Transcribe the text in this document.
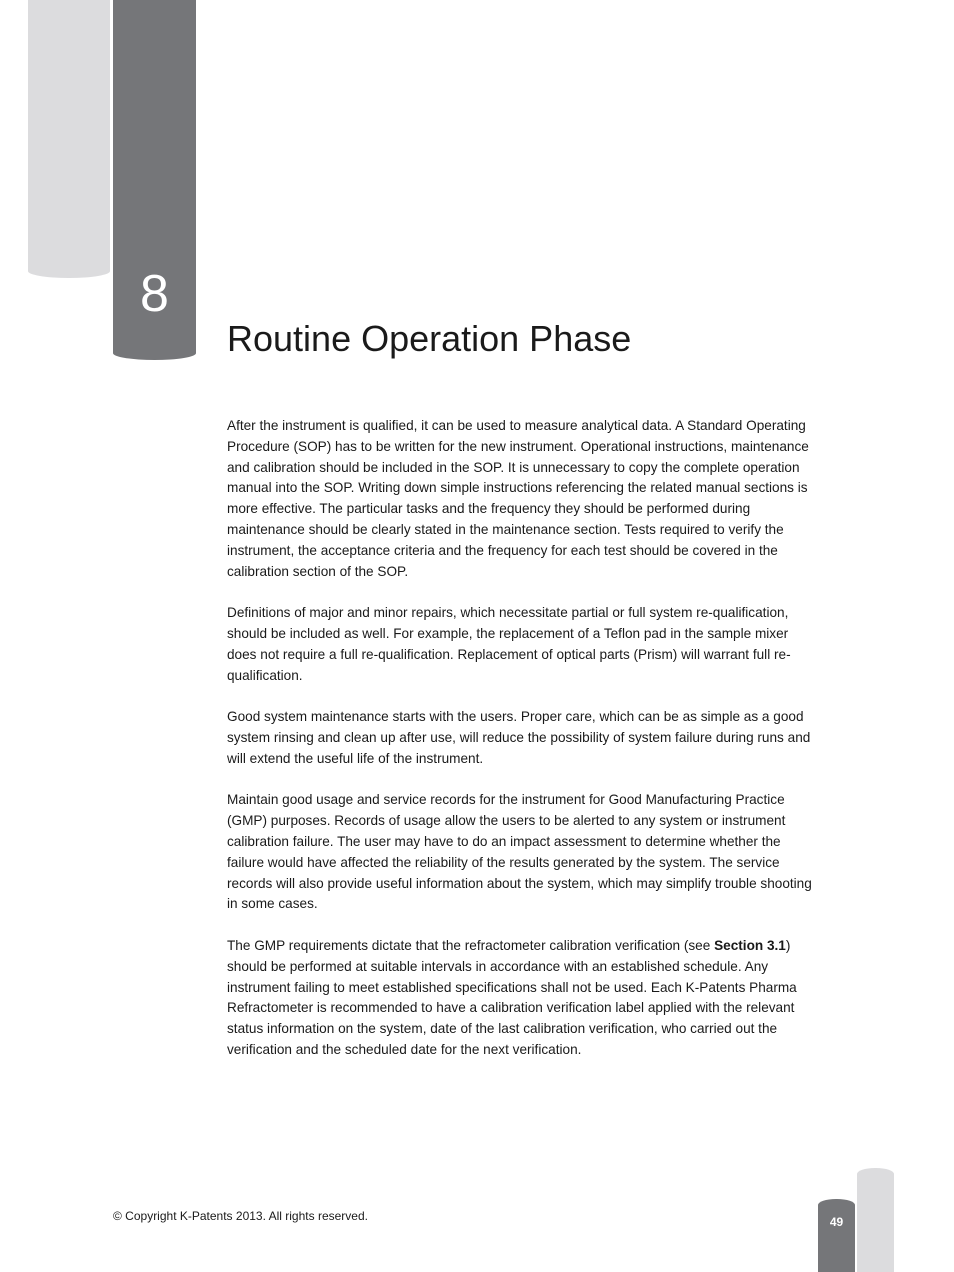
8
Routine Operation Phase

After the instrument is qualified, it can be used to measure analytical data. A Standard Operating Procedure (SOP) has to be written for the new instrument. Operational instructions, maintenance and calibration should be included in the SOP. It is unnecessary to copy the complete operation manual into the SOP. Writing down simple instructions referencing the related manual sections is more effective. The particular tasks and the frequency they should be performed during maintenance should be clearly stated in the maintenance section. Tests required to verify the instrument, the acceptance criteria and the frequency for each test should be covered in the calibration section of the SOP.

Definitions of major and minor repairs, which necessitate partial or full system re-qualification, should be included as well. For example, the replacement of a Teflon pad in the sample mixer does not require a full re-qualification. Replacement of optical parts (Prism) will warrant full re-qualification.

Good system maintenance starts with the users. Proper care, which can be as simple as a good system rinsing and clean up after use, will reduce the possibility of system failure during runs and will extend the useful life of the instrument.

Maintain good usage and service records for the instrument for Good Manufacturing Practice (GMP) purposes. Records of usage allow the users to be alerted to any system or instrument calibration failure. The user may have to do an impact assessment to determine whether the failure would have affected the reliability of the results generated by the system. The service records will also provide useful information about the system, which may simplify trouble shooting in some cases.

The GMP requirements dictate that the refractometer calibration verification (see Section 3.1) should be performed at suitable intervals in accordance with an established schedule. Any instrument failing to meet established specifications shall not be used. Each K-Patents Pharma Refractometer is recommended to have a calibration verification label applied with the relevant status information on the system, date of the last calibration verification, who carried out the verification and the scheduled date for the next verification.

© Copyright K-Patents 2013. All rights reserved.	49
